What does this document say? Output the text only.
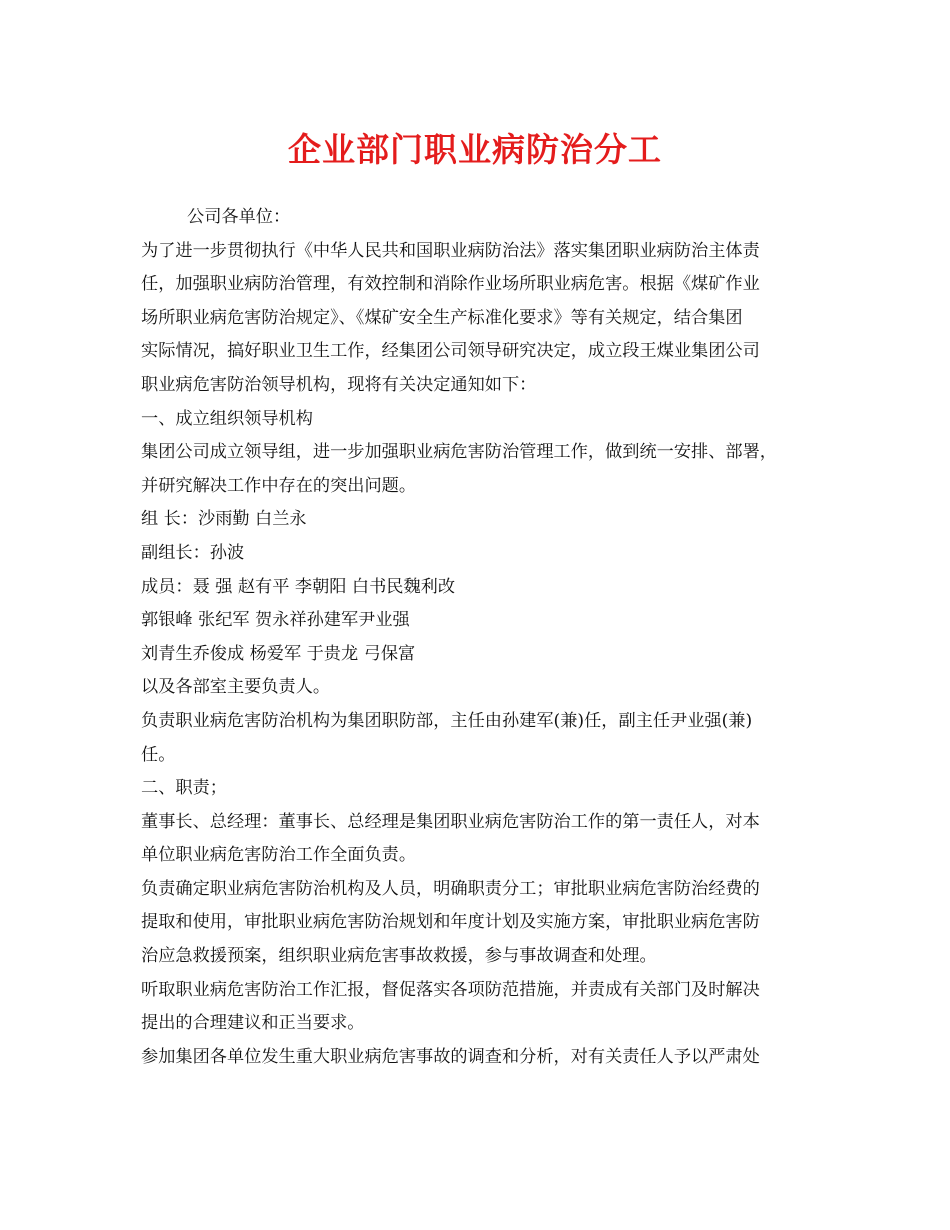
企业部门职业病防治分工
公司各单位：
为了进一步贯彻执行《中华人民共和国职业病防治法》落实集团职业病防治主体责
任，加强职业病防治管理，有效控制和消除作业场所职业病危害。根据《煤矿作业
场所职业病危害防治规定》、《煤矿安全生产标准化要求》等有关规定，结合集团
实际情况，搞好职业卫生工作，经集团公司领导研究决定，成立段王煤业集团公司
职业病危害防治领导机构，现将有关决定通知如下：
一、成立组织领导机构
集团公司成立领导组，进一步加强职业病危害防治管理工作，做到统一安排、部署，
并研究解决工作中存在的突出问题。
组 长：沙雨勤 白兰永
副组长：孙波
成员：聂 强 赵有平 李朝阳 白书民魏利改
郭银峰 张纪军 贺永祥孙建军尹业强
刘青生乔俊成 杨爱军 于贵龙 弓保富
以及各部室主要负责人。
负责职业病危害防治机构为集团职防部，主任由孙建军(兼)任，副主任尹业强(兼)
任。
二、职责；
董事长、总经理：董事长、总经理是集团职业病危害防治工作的第一责任人，对本
单位职业病危害防治工作全面负责。
负责确定职业病危害防治机构及人员，明确职责分工；审批职业病危害防治经费的
提取和使用，审批职业病危害防治规划和年度计划及实施方案，审批职业病危害防
治应急救援预案，组织职业病危害事故救援，参与事故调查和处理。
听取职业病危害防治工作汇报，督促落实各项防范措施，并责成有关部门及时解决
提出的合理建议和正当要求。
参加集团各单位发生重大职业病危害事故的调查和分析，对有关责任人予以严肃处
